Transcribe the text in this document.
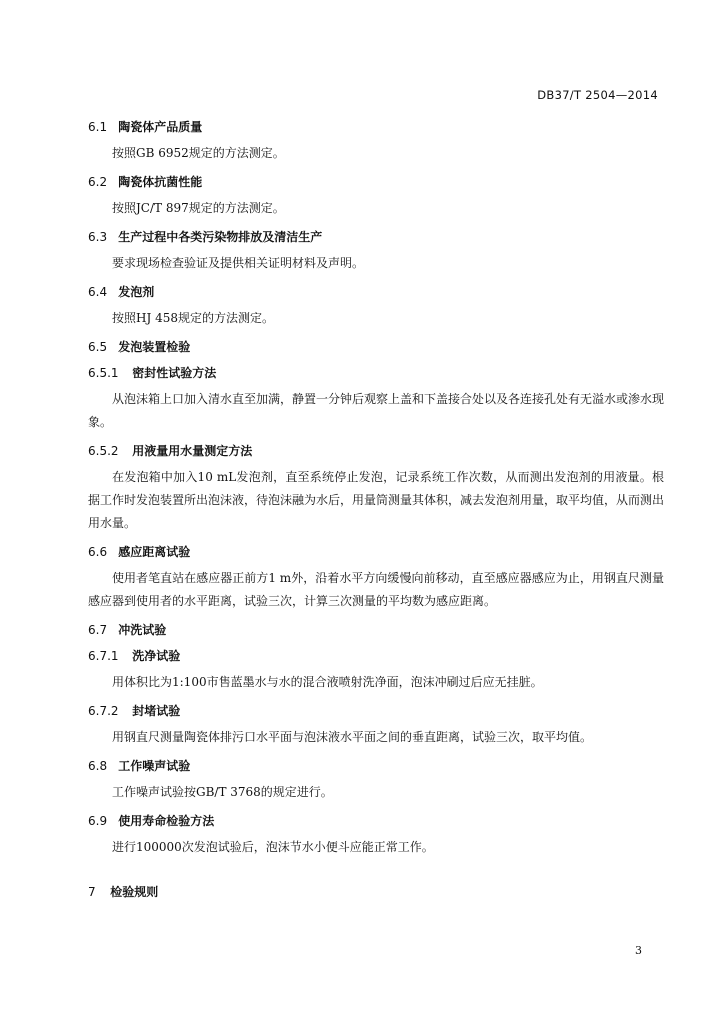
DB37/T 2504—2014
6.1 陶瓷体产品质量

按照GB 6952规定的方法测定。

6.2 陶瓷体抗菌性能

按照JC/T 897规定的方法测定。

6.3 生产过程中各类污染物排放及清洁生产

要求现场检查验证及提供相关证明材料及声明。

6.4 发泡剂

按照HJ 458规定的方法测定。

6.5 发泡装置检验
6.5.1 密封性试验方法

从泡沫箱上口加入清水直至加满，静置一分钟后观察上盖和下盖接合处以及各连接孔处有无溢水或渗水现象。

6.5.2 用液量用水量测定方法

在发泡箱中加入10 mL发泡剂，直至系统停止发泡，记录系统工作次数，从而测出发泡剂的用液量。根据工作时发泡装置所出泡沫液，待泡沫融为水后，用量筒测量其体积，减去发泡剂用量，取平均值，从而测出用水量。

6.6 感应距离试验

使用者笔直站在感应器正前方1 m外，沿着水平方向缓慢向前移动，直至感应器感应为止，用钢直尺测量感应器到使用者的水平距离，试验三次，计算三次测量的平均数为感应距离。

6.7 冲洗试验
6.7.1 洗净试验

用体积比为1:100市售蓝墨水与水的混合液喷射洗净面，泡沫冲刷过后应无挂脏。

6.7.2 封堵试验

用钢直尺测量陶瓷体排污口水平面与泡沫液水平面之间的垂直距离，试验三次，取平均值。

6.8 工作噪声试验

工作噪声试验按GB/T 3768的规定进行。

6.9 使用寿命检验方法

进行100000次发泡试验后，泡沫节水小便斗应能正常工作。

7 检验规则
3
